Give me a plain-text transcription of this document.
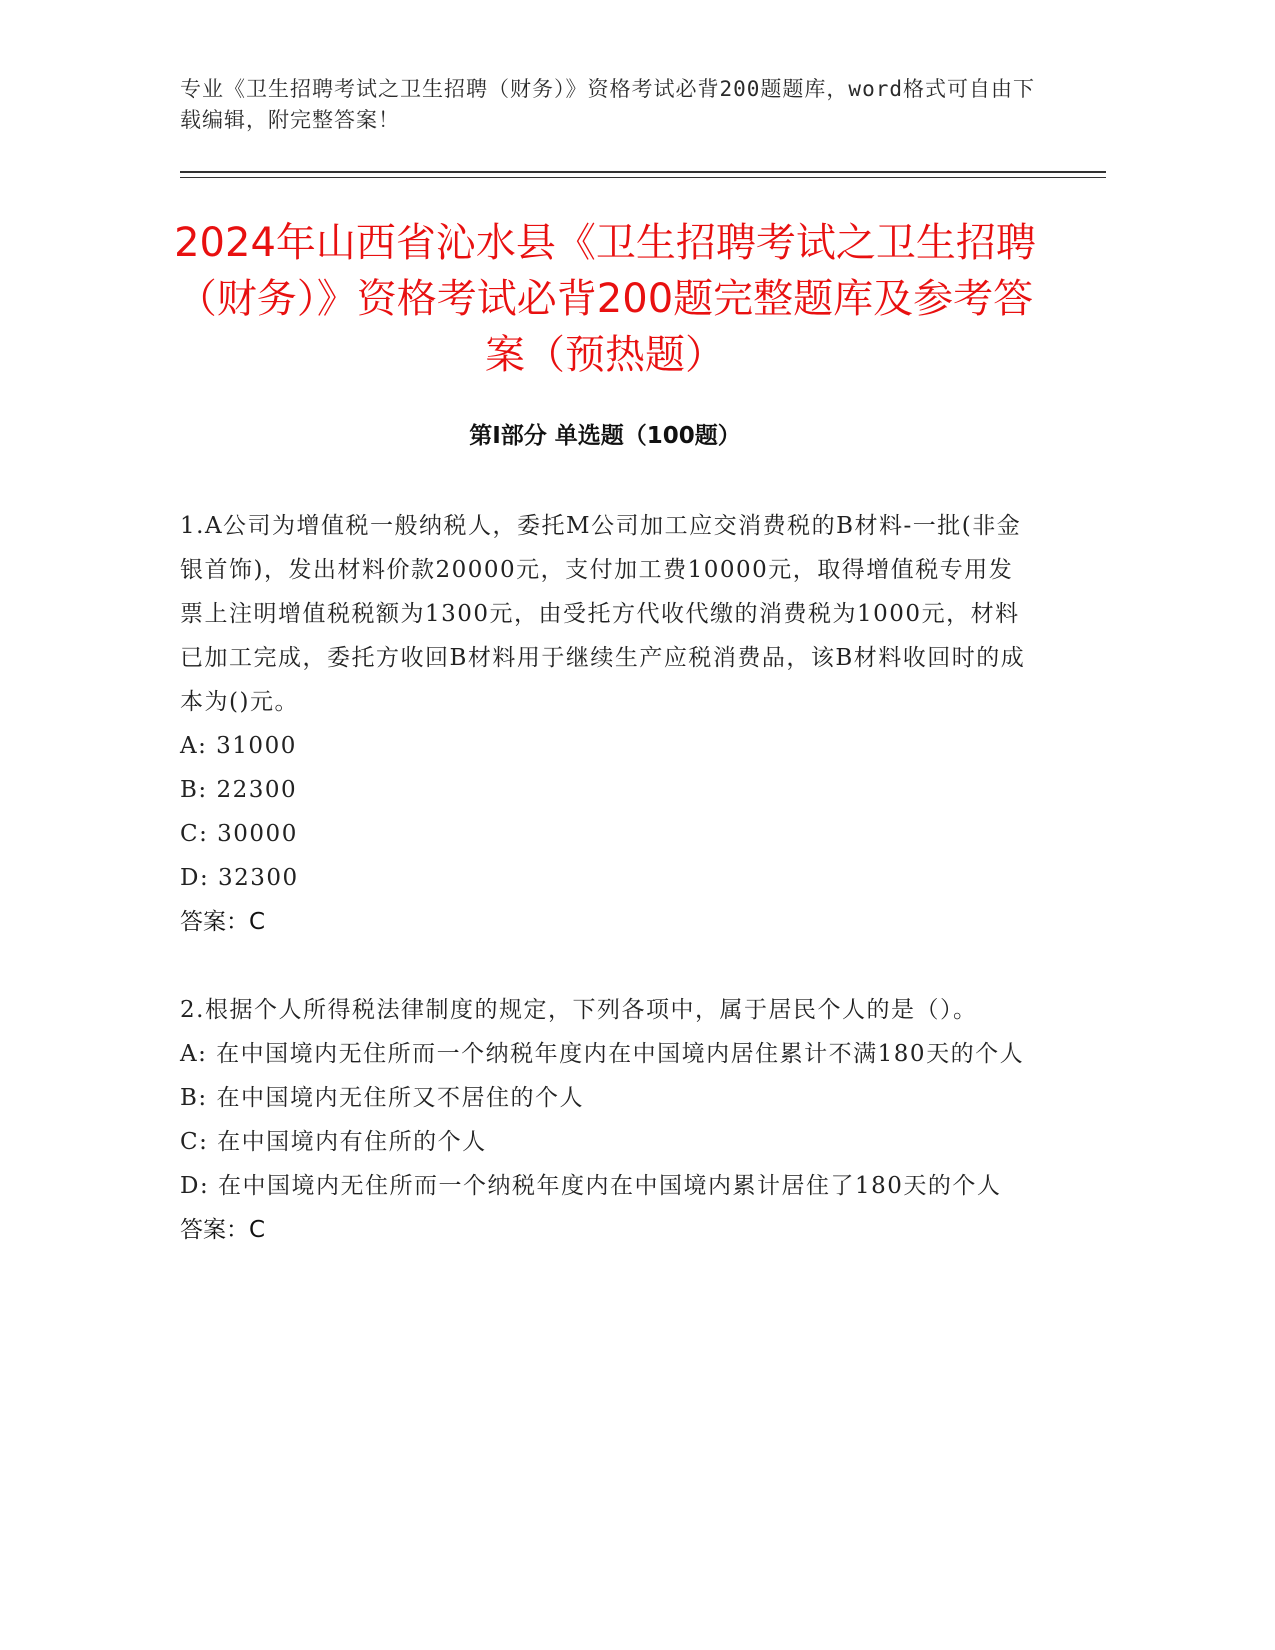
专业《卫生招聘考试之卫生招聘（财务）》资格考试必背200题题库，word格式可自由下载编辑，附完整答案！
2024年山西省沁水县《卫生招聘考试之卫生招聘（财务）》资格考试必背200题完整题库及参考答案（预热题）
第I部分 单选题（100题）

1.A公司为增值税一般纳税人，委托M公司加工应交消费税的B材料-一批(非金银首饰)，发出材料价款20000元，支付加工费10000元，取得增值税专用发票上注明增值税税额为1300元，由受托方代收代缴的消费税为1000元，材料已加工完成，委托方收回B材料用于继续生产应税消费品，该B材料收回时的成本为()元。

A: 31000

B: 22300

C: 30000

D: 32300

答案：C

2.根据个人所得税法律制度的规定，下列各项中，属于居民个人的是（）。

A: 在中国境内无住所而一个纳税年度内在中国境内居住累计不满180天的个人

B: 在中国境内无住所又不居住的个人

C: 在中国境内有住所的个人

D: 在中国境内无住所而一个纳税年度内在中国境内累计居住了180天的个人

答案：C
